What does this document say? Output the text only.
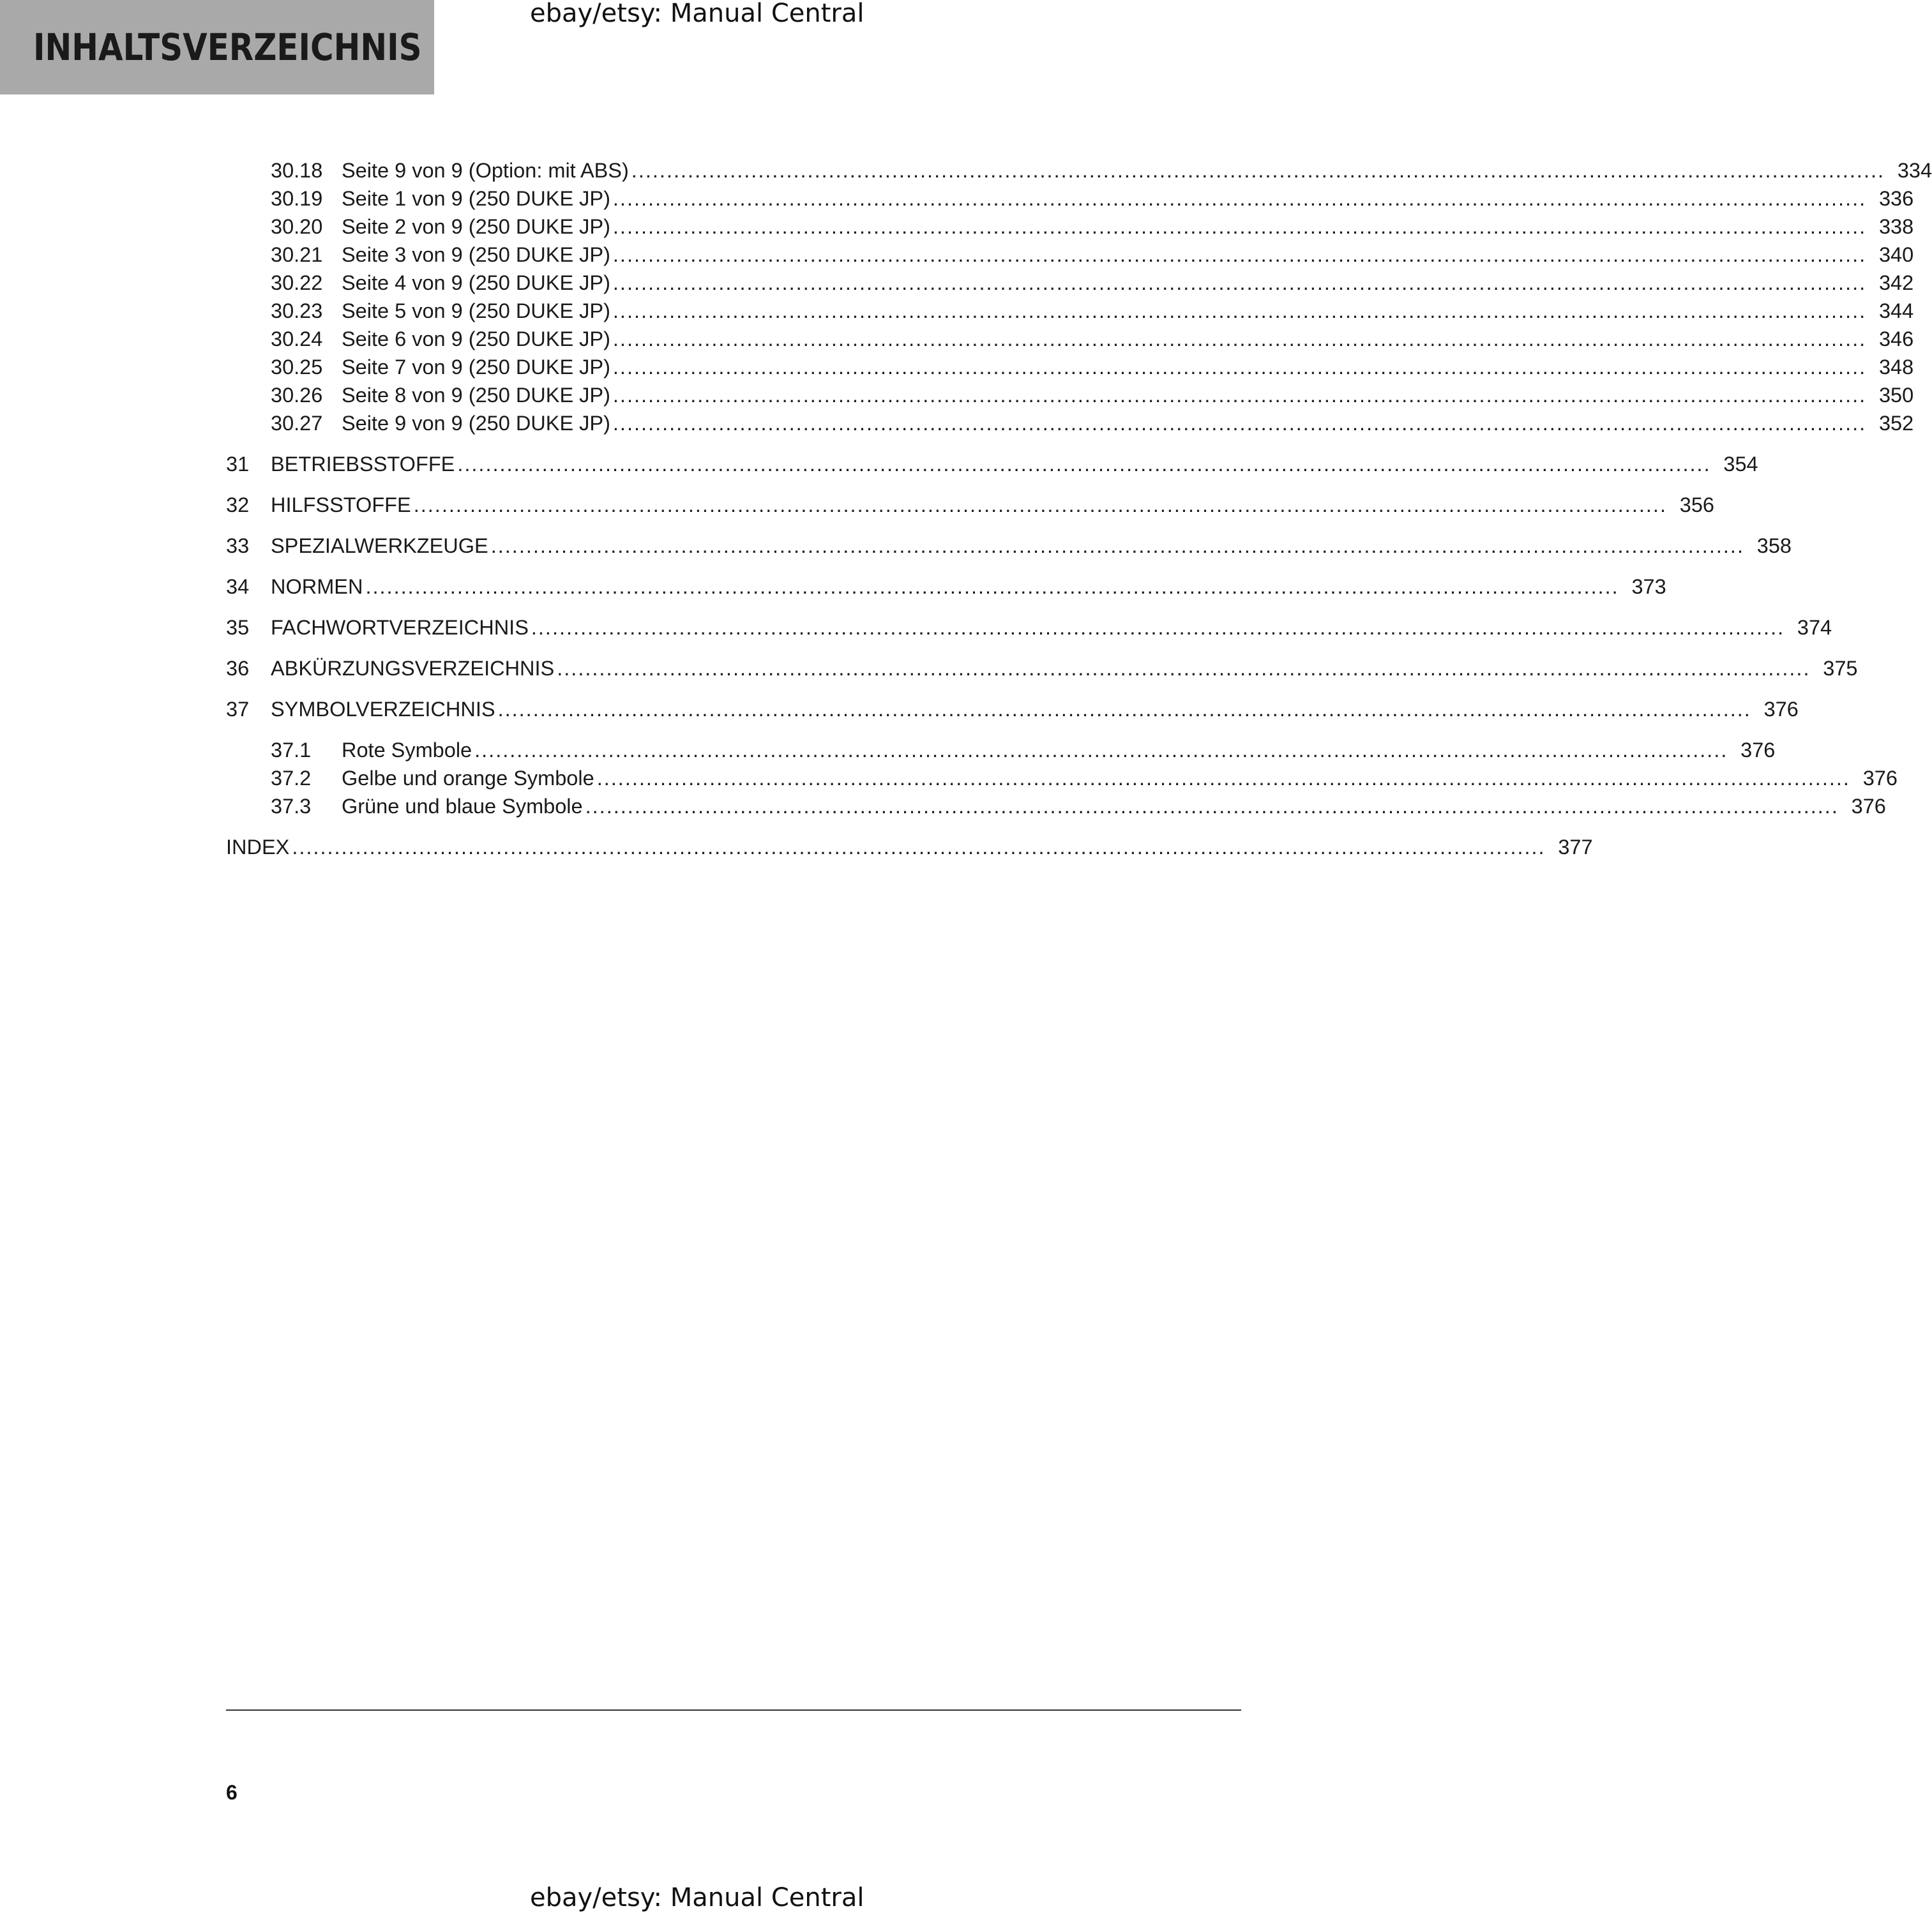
INHALTSVERZEICHNIS
ebay/etsy: Manual Central
30.18 Seite 9 von 9 (Option: mit ABS) .................................................................................................................................................................................. 334
30.19 Seite 1 von 9 (250 DUKE JP) .................................................................................................................................................................................. 336
30.20 Seite 2 von 9 (250 DUKE JP) .................................................................................................................................................................................. 338
30.21 Seite 3 von 9 (250 DUKE JP) .................................................................................................................................................................................. 340
30.22 Seite 4 von 9 (250 DUKE JP) .................................................................................................................................................................................. 342
30.23 Seite 5 von 9 (250 DUKE JP) .................................................................................................................................................................................. 344
30.24 Seite 6 von 9 (250 DUKE JP) .................................................................................................................................................................................. 346
30.25 Seite 7 von 9 (250 DUKE JP) .................................................................................................................................................................................. 348
30.26 Seite 8 von 9 (250 DUKE JP) .................................................................................................................................................................................. 350
30.27 Seite 9 von 9 (250 DUKE JP) .................................................................................................................................................................................. 352
31 BETRIEBSSTOFFE .................................................................................................................................................................................. 354
32 HILFSSTOFFE .................................................................................................................................................................................. 356
33 SPEZIALWERKZEUGE .................................................................................................................................................................................. 358
34 NORMEN .................................................................................................................................................................................. 373
35 FACHWORTVERZEICHNIS .................................................................................................................................................................................. 374
36 ABKÜRZUNGSVERZEICHNIS .................................................................................................................................................................................. 375
37 SYMBOLVERZEICHNIS .................................................................................................................................................................................. 376
37.1 Rote Symbole .................................................................................................................................................................................. 376
37.2 Gelbe und orange Symbole .................................................................................................................................................................................. 376
37.3 Grüne und blaue Symbole .................................................................................................................................................................................. 376
INDEX .................................................................................................................................................................................. 377
6
ebay/etsy: Manual Central
